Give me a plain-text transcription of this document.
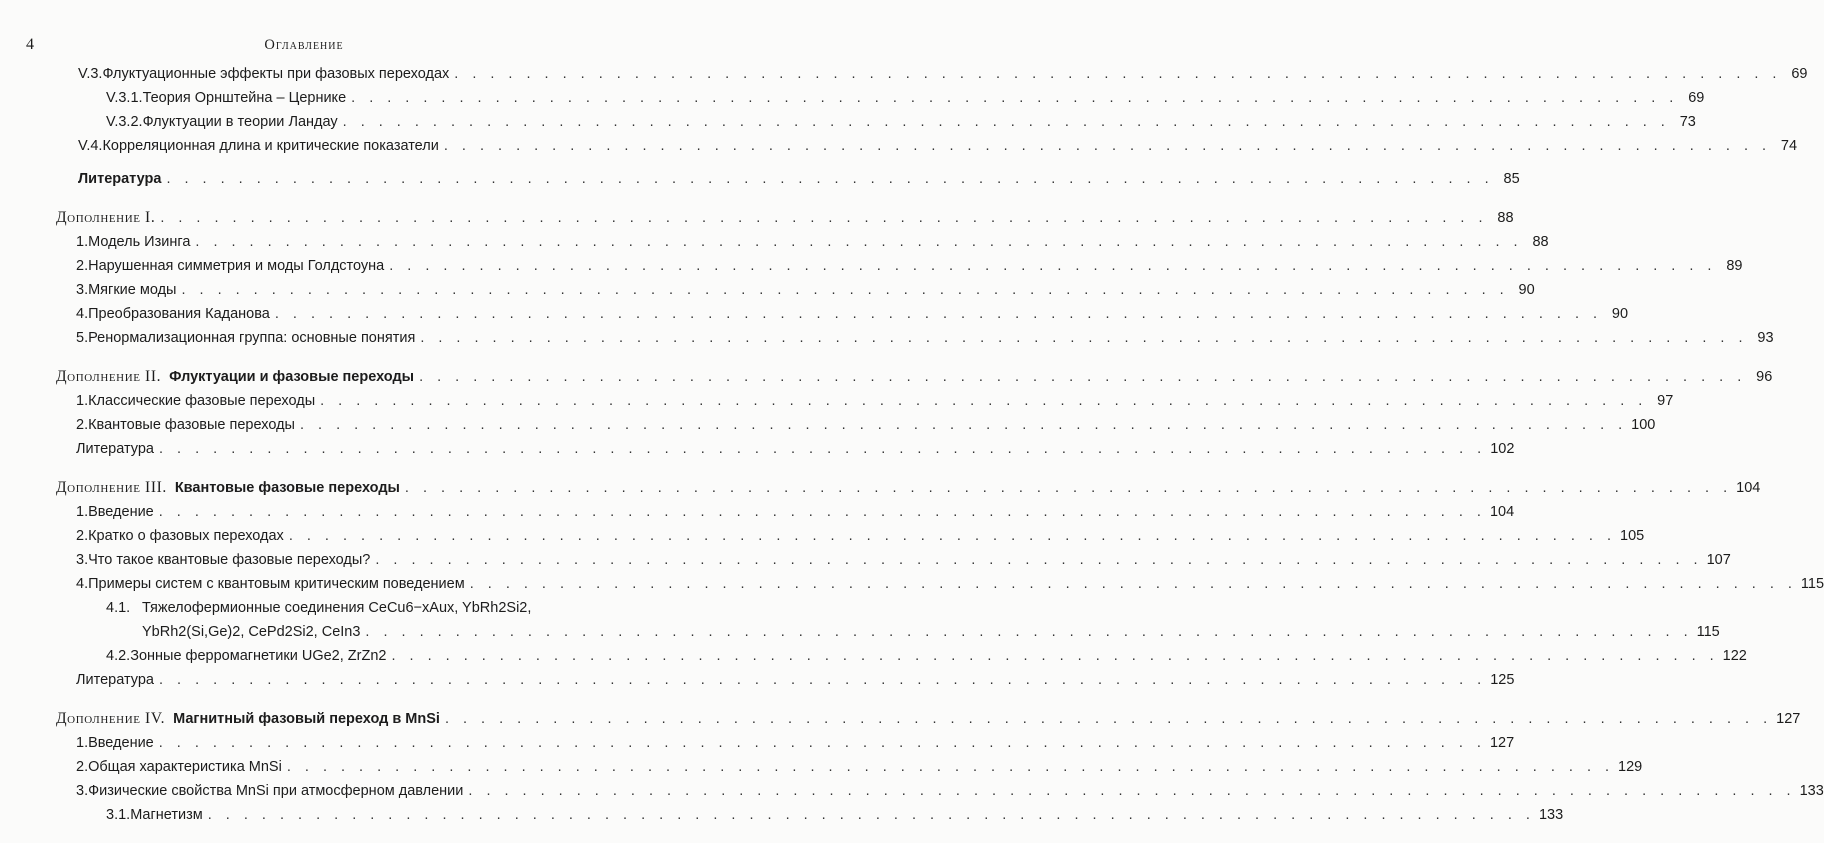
4	Оглавление
V.3. Флуктуационные эффекты при фазовых переходах . . . . . . . . . . . . . . . . . . . . . . . . . . . . . . . . . . . . . . . . . . . . . . . . . . . . . . . . . . . . . . . . . . . . . . . . . . 69
V.3.1. Теория Орнштейна – Цернике . . . . . . . . . . . . . . . . . . . . . . . . . . . . . . . . . . . . . . . . . . . . . . . . . . . . . . . . . . . . . . . . . . . . . . . . . . 69
V.3.2. Флуктуации в теории Ландау . . . . . . . . . . . . . . . . . . . . . . . . . . . . . . . . . . . . . . . . . . . . . . . . . . . . . . . . . . . . . . . . . . . . . . . . . . 73
V.4. Корреляционная длина и критические показатели . . . . . . . . . . . . . . . . . . . . . . . . . . . . . . . . . . . . . . . . . . . . . . . . . . . . . . . . . . . . . . . . . . . . . . . . . . 74
Литература . . . . . . . . . . . . . . . . . . . . . . . . . . . . . . . . . . . . . . . . . . . . . . . . . . . . . . . . . . . . . . . . . . . . . . . . . . 85
Дополнение I. . . . . . . . . . . . . . . . . . . . . . . . . . . . . . . . . . . . . . . . . . . . . . . . . . . . . . . . . . . . . . . . . . . . . . . . . . . 88
1. Модель Изинга . . . . . . . . . . . . . . . . . . . . . . . . . . . . . . . . . . . . . . . . . . . . . . . . . . . . . . . . . . . . . . . . . . . . . . . . . . 88
2. Нарушенная симметрия и моды Голдстоуна . . . . . . . . . . . . . . . . . . . . . . . . . . . . . . . . . . . . . . . . . . . . . . . . . . . . . . . . . . . . . . . . . . . . . . . . . . 89
3. Мягкие моды . . . . . . . . . . . . . . . . . . . . . . . . . . . . . . . . . . . . . . . . . . . . . . . . . . . . . . . . . . . . . . . . . . . . . . . . . . 90
4. Преобразования Каданова . . . . . . . . . . . . . . . . . . . . . . . . . . . . . . . . . . . . . . . . . . . . . . . . . . . . . . . . . . . . . . . . . . . . . . . . . . 90
5. Ренормализационная группа: основные понятия . . . . . . . . . . . . . . . . . . . . . . . . . . . . . . . . . . . . . . . . . . . . . . . . . . . . . . . . . . . . . . . . . . . . . . . . . . 93
Дополнение II. Флуктуации и фазовые переходы . . . . . . . . . . . . . . . . . . . . . . . . . . . . . . . . . . . . . . . . . . . . . . . . . . . . . . . . . . . . . . . . . . . . . . . . . . 96
1. Классические фазовые переходы . . . . . . . . . . . . . . . . . . . . . . . . . . . . . . . . . . . . . . . . . . . . . . . . . . . . . . . . . . . . . . . . . . . . . . . . . . 97
2. Квантовые фазовые переходы . . . . . . . . . . . . . . . . . . . . . . . . . . . . . . . . . . . . . . . . . . . . . . . . . . . . . . . . . . . . . . . . . . . . . . . . . . 100
Литература . . . . . . . . . . . . . . . . . . . . . . . . . . . . . . . . . . . . . . . . . . . . . . . . . . . . . . . . . . . . . . . . . . . . . . . . . . 102
Дополнение III. Квантовые фазовые переходы . . . . . . . . . . . . . . . . . . . . . . . . . . . . . . . . . . . . . . . . . . . . . . . . . . . . . . . . . . . . . . . . . . . . . . . . . . 104
1. Введение . . . . . . . . . . . . . . . . . . . . . . . . . . . . . . . . . . . . . . . . . . . . . . . . . . . . . . . . . . . . . . . . . . . . . . . . . . 104
2. Кратко о фазовых переходах . . . . . . . . . . . . . . . . . . . . . . . . . . . . . . . . . . . . . . . . . . . . . . . . . . . . . . . . . . . . . . . . . . . . . . . . . . 105
3. Что такое квантовые фазовые переходы? . . . . . . . . . . . . . . . . . . . . . . . . . . . . . . . . . . . . . . . . . . . . . . . . . . . . . . . . . . . . . . . . . . . . . . . . . . 107
4. Примеры систем с квантовым критическим поведением . . . . . . . . . . . . . . . . . . . . . . . . . . . . . . . . . . . . . . . . . . . . . . . . . . . . . . . . . . . . . . . . . . . . . . . . . . 115
4.1. Тяжелофермионные соединения CeCu6−xAux, YbRh2Si2,
YbRh2(Si,Ge)2, CePd2Si2, CeIn3 . . . . . . . . . . . . . . . . . . . . . . . . . . . . . . . . . . . . . . . . . . . . . . . . . . . . . . . . . . . . . . . . . . . . . . . . . . 115
4.2. Зонные ферромагнетики UGe2, ZrZn2 . . . . . . . . . . . . . . . . . . . . . . . . . . . . . . . . . . . . . . . . . . . . . . . . . . . . . . . . . . . . . . . . . . . . . . . . . . 122
Литература . . . . . . . . . . . . . . . . . . . . . . . . . . . . . . . . . . . . . . . . . . . . . . . . . . . . . . . . . . . . . . . . . . . . . . . . . . 125
Дополнение IV. Магнитный фазовый переход в MnSi . . . . . . . . . . . . . . . . . . . . . . . . . . . . . . . . . . . . . . . . . . . . . . . . . . . . . . . . . . . . . . . . . . . . . . . . . . 127
1. Введение . . . . . . . . . . . . . . . . . . . . . . . . . . . . . . . . . . . . . . . . . . . . . . . . . . . . . . . . . . . . . . . . . . . . . . . . . . 127
2. Общая характеристика MnSi . . . . . . . . . . . . . . . . . . . . . . . . . . . . . . . . . . . . . . . . . . . . . . . . . . . . . . . . . . . . . . . . . . . . . . . . . . 129
3. Физические свойства MnSi при атмосферном давлении . . . . . . . . . . . . . . . . . . . . . . . . . . . . . . . . . . . . . . . . . . . . . . . . . . . . . . . . . . . . . . . . . . . . . . . . . . 133
3.1. Магнетизм . . . . . . . . . . . . . . . . . . . . . . . . . . . . . . . . . . . . . . . . . . . . . . . . . . . . . . . . . . . . . . . . . . . . . . . . . . 133
